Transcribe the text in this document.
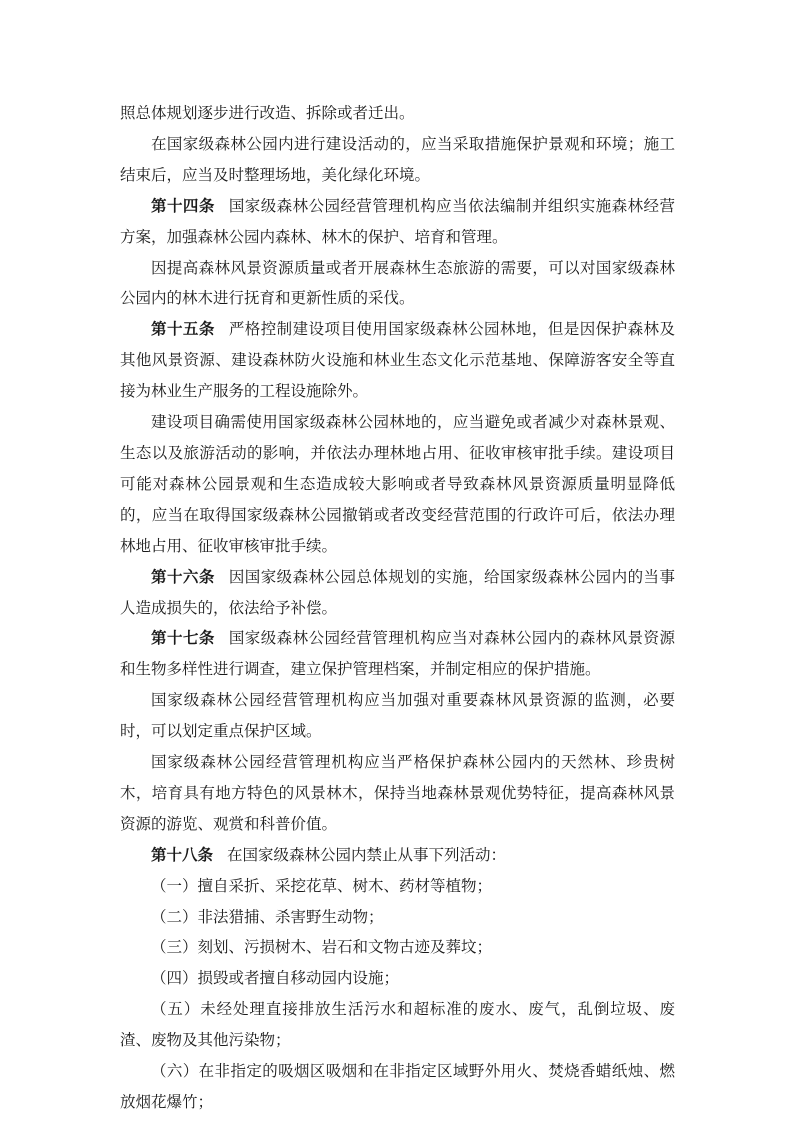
照总体规划逐步进行改造、拆除或者迁出。

在国家级森林公园内进行建设活动的，应当采取措施保护景观和环境；施工结束后，应当及时整理场地，美化绿化环境。

第十四条 国家级森林公园经营管理机构应当依法编制并组织实施森林经营方案，加强森林公园内森林、林木的保护、培育和管理。

因提高森林风景资源质量或者开展森林生态旅游的需要，可以对国家级森林公园内的林木进行抚育和更新性质的采伐。

第十五条 严格控制建设项目使用国家级森林公园林地，但是因保护森林及其他风景资源、建设森林防火设施和林业生态文化示范基地、保障游客安全等直接为林业生产服务的工程设施除外。

建设项目确需使用国家级森林公园林地的，应当避免或者减少对森林景观、生态以及旅游活动的影响，并依法办理林地占用、征收审核审批手续。建设项目可能对森林公园景观和生态造成较大影响或者导致森林风景资源质量明显降低的，应当在取得国家级森林公园撤销或者改变经营范围的行政许可后，依法办理林地占用、征收审核审批手续。

第十六条 因国家级森林公园总体规划的实施，给国家级森林公园内的当事人造成损失的，依法给予补偿。

第十七条 国家级森林公园经营管理机构应当对森林公园内的森林风景资源和生物多样性进行调查，建立保护管理档案，并制定相应的保护措施。

国家级森林公园经营管理机构应当加强对重要森林风景资源的监测，必要时，可以划定重点保护区域。

国家级森林公园经营管理机构应当严格保护森林公园内的天然林、珍贵树木，培育具有地方特色的风景林木，保持当地森林景观优势特征，提高森林风景资源的游览、观赏和科普价值。

第十八条 在国家级森林公园内禁止从事下列活动：

（一）擅自采折、采挖花草、树木、药材等植物；

（二）非法猎捕、杀害野生动物；

（三）刻划、污损树木、岩石和文物古迹及葬坟；

（四）损毁或者擅自移动园内设施；

（五）未经处理直接排放生活污水和超标准的废水、废气，乱倒垃圾、废渣、废物及其他污染物；

（六）在非指定的吸烟区吸烟和在非指定区域野外用火、焚烧香蜡纸烛、燃放烟花爆竹；
